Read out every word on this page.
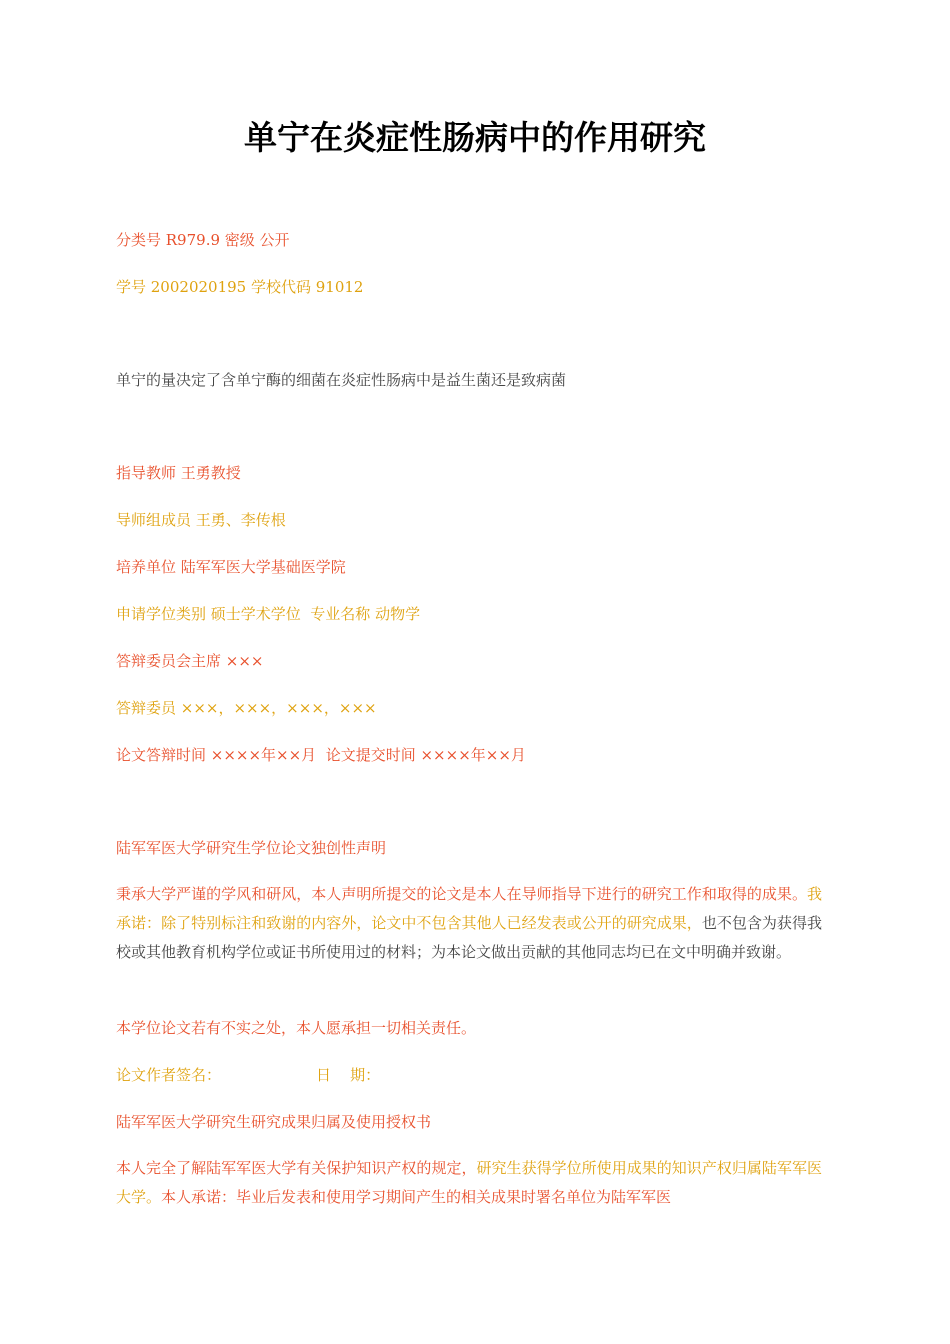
单宁在炎症性肠病中的作用研究

分类号 R979.9 密级 公开

学号 2002020195 学校代码 91012

单宁的量决定了含单宁酶的细菌在炎症性肠病中是益生菌还是致病菌

指导教师 王勇教授

导师组成员 王勇、李传根

培养单位 陆军军医大学基础医学院

申请学位类别 硕士学术学位  专业名称 动物学

答辩委员会主席 ×××

答辩委员 ×××，×××，×××，×××

论文答辩时间 ××××年××月  论文提交时间 ××××年××月

陆军军医大学研究生学位论文独创性声明

秉承大学严谨的学风和研风，本人声明所提交的论文是本人在导师指导下进行的研究工作和取得的成果。我承诺：除了特别标注和致谢的内容外，论文中不包含其他人已经发表或公开的研究成果，也不包含为获得我校或其他教育机构学位或证书所使用过的材料；为本论文做出贡献的其他同志均已在文中明确并致谢。

本学位论文若有不实之处，本人愿承担一切相关责任。

论文作者签名：	日    期：

陆军军医大学研究生研究成果归属及使用授权书

本人完全了解陆军军医大学有关保护知识产权的规定，研究生获得学位所使用成果的知识产权归属陆军军医大学。本人承诺：毕业后发表和使用学习期间产生的相关成果时署名单位为陆军军医
